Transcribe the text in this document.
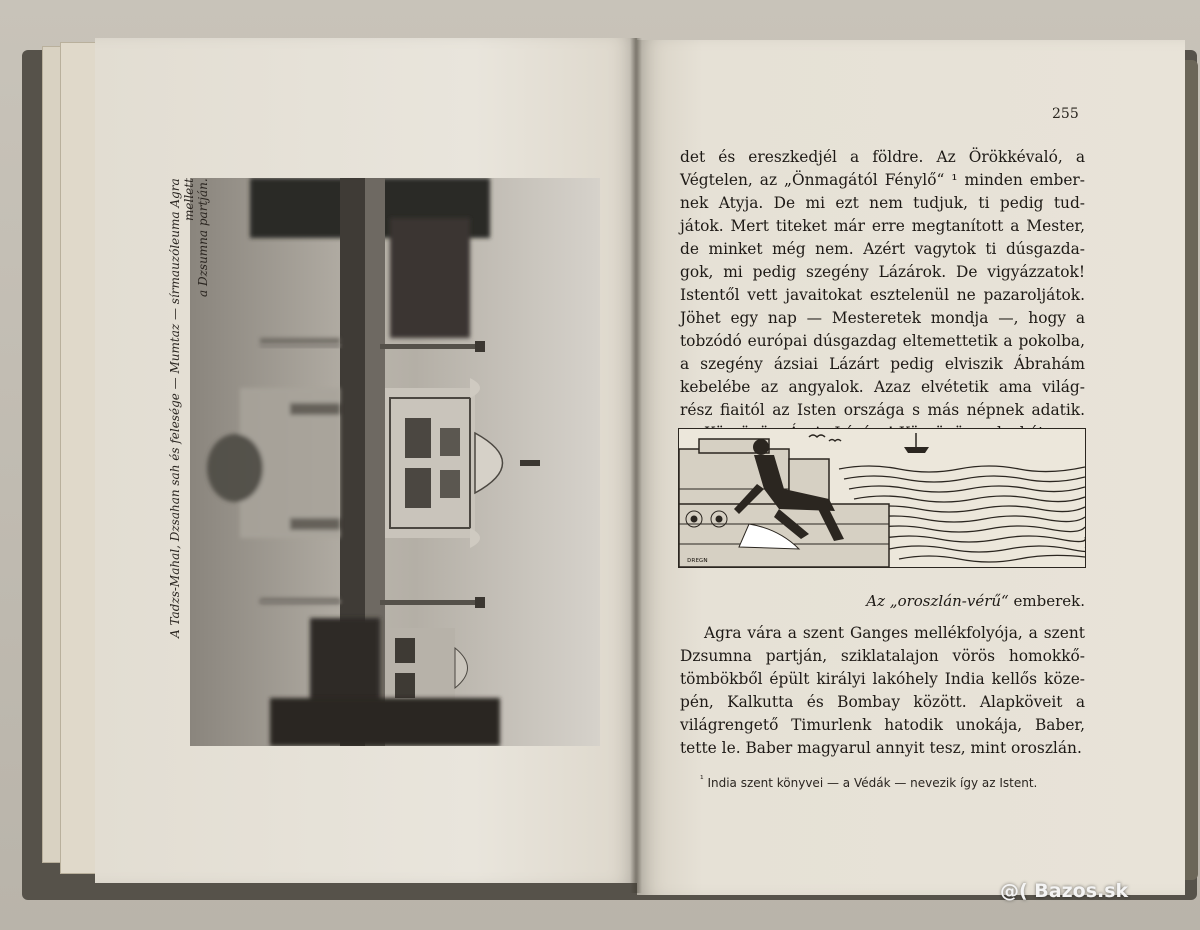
A Tadzs-Mahal, Dzsahan sah és felesége — Mumtaz — sírmauzóleuma Agra mellett a Dzsumna partján.
255
det és ereszkedjél a földre. Az Örökkévaló, a
Végtelen, az „Önmagától Fénylő“ ¹ minden ember-
nek Atyja. De mi ezt nem tudjuk, ti pedig tud-
játok. Mert titeket már erre megtanított a Mester,
de minket még nem. Azért vagytok ti dúsgazda-
gok, mi pedig szegény Lázárok. De vigyázzatok!
Istentől vett javaitokat esztelenül ne pazaroljátok.
Jöhet egy nap — Mesteretek mondja —, hogy a
tobzódó európai dúsgazdag eltemettetik a pokolba,
a szegény ázsiai Lázárt pedig elviszik Ábrahám
kebelébe az angyalok. Azaz elvétetik ama világ-
rész fiaitól az Isten országa s más népnek adatik.
ᴅʀᴇɢɴ
Az „oroszlán-vérű“ emberek.
Agra vára a szent Ganges mellékfolyója, a szent
Dzsumna partján, sziklatalajon vörös homokkő-
tömbökből épült királyi lakóhely India kellős köze-
pén, Kalkutta és Bombay között. Alapköveit a
világrengető Timurlenk hatodik unokája, Baber,
tette le. Baber magyarul annyit tesz, mint oroszlán.
$^{^1}$ India szent könyvei — a Védák — nevezik így az Istent.
@( Bazos.sk
